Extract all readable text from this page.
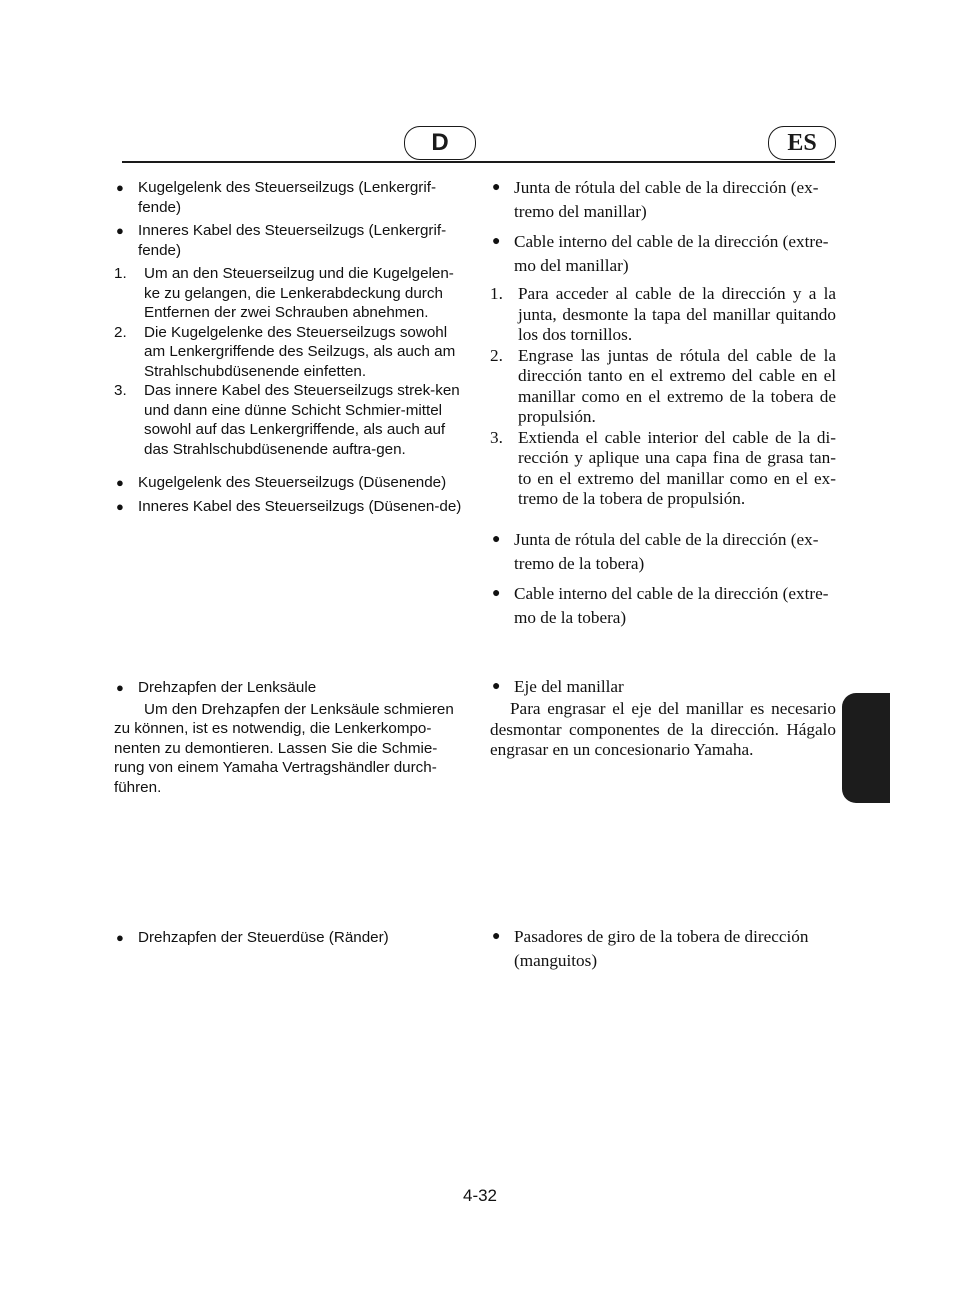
D	ES
● Kugelgelenk des Steuerseilzugs (Lenkergrif-fende)
● Inneres Kabel des Steuerseilzugs (Lenkergrif-fende)
1.	Um an den Steuerseilzug und die Kugelgelen-ke zu gelangen, die Lenkerabdeckung durch Entfernen der zwei Schrauben abnehmen.
2.	Die Kugelgelenke des Steuerseilzugs sowohl am Lenkergriffende des Seilzugs, als auch am Strahlschubdüsenende einfetten.
3.	Das innere Kabel des Steuerseilzugs strek-ken und dann eine dünne Schicht Schmier-mittel sowohl auf das Lenkergriffende, als auch auf das Strahlschubdüsenende auftra-gen.
● Kugelgelenk des Steuerseilzugs (Düsenende)
● Inneres Kabel des Steuerseilzugs (Düsenen-de)
● Drehzapfen der Lenksäule

Um den Drehzapfen der Lenksäule schmieren zu können, ist es notwendig, die Lenkerkompo-nenten zu demontieren. Lassen Sie die Schmie-rung von einem Yamaha Vertragshändler durch-führen.

● Drehzapfen der Steuerdüse (Ränder)
● Junta de rótula del cable de la dirección (ex-tremo del manillar)
● Cable interno del cable de la dirección (extre-mo del manillar)
1. Para acceder al cable de la dirección y a la junta, desmonte la tapa del manillar quitando los dos tornillos.
2. Engrase las juntas de rótula del cable de la dirección tanto en el extremo del cable en el manillar como en el extremo de la tobera de propulsión.
3. Extienda el cable interior del cable de la di-rección y aplique una capa fina de grasa tan-to en el extremo del manillar como en el ex-tremo de la tobera de propulsión.
● Junta de rótula del cable de la dirección (ex-tremo de la tobera)
● Cable interno del cable de la dirección (extre-mo de la tobera)
● Eje del manillar

Para engrasar el eje del manillar es necesario desmontar componentes de la dirección. Hágalo engrasar en un concesionario Yamaha.

● Pasadores de giro de la tobera de dirección (manguitos)
4-32
